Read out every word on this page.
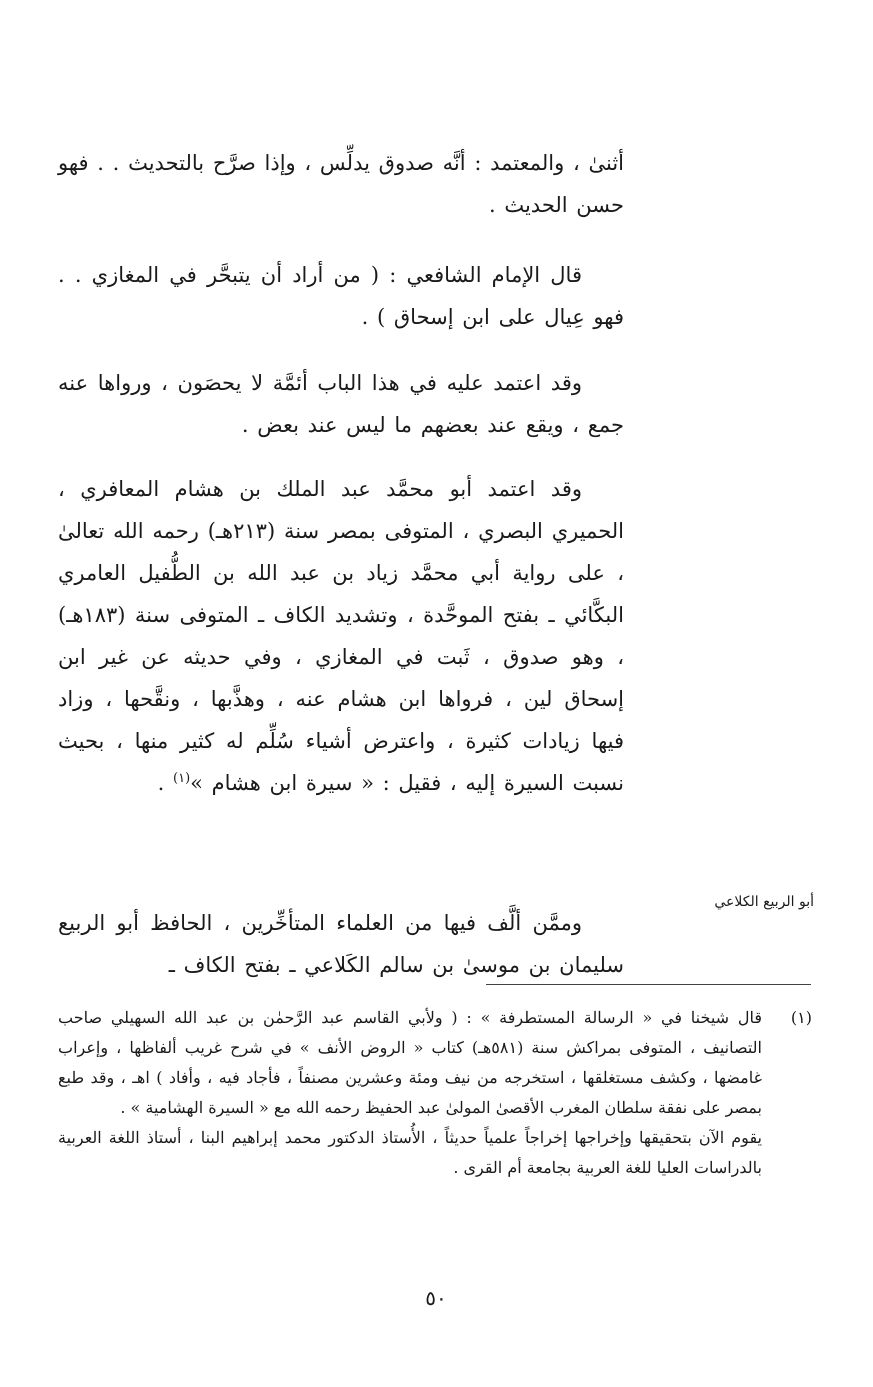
أثنىٰ ، والمعتمد : أنَّه صدوق يدلِّس ، وإذا صرَّح بالتحديث . . فهو حسن الحديث .

قال الإمام الشافعي : ( من أراد أن يتبحَّر في المغازي . . فهو عِيال على ابن إسحاق ) .

وقد اعتمد عليه في هذا الباب أئمَّة لا يحصَون ، ورواها عنه جمع ، ويقع عند بعضهم ما ليس عند بعض .

وقد اعتمد أبو محمَّد عبد الملك بن هشام المعافري ، الحميري البصري ، المتوفى بمصر سنة (٢١٣هـ) رحمه الله تعالىٰ ، على رواية أبي محمَّد زياد بن عبد الله بن الطُّفيل العامري البكَّائي ـ بفتح الموحَّدة ، وتشديد الكاف ـ المتوفى سنة (١٨٣هـ) ، وهو صدوق ، ثَبت في المغازي ، وفي حديثه عن غير ابن إسحاق لين ، فرواها ابن هشام عنه ، وهذَّبها ، ونقَّحها ، وزاد فيها زيادات كثيرة ، واعترض أشياء سُلِّم له كثير منها ، بحيث نسبت السيرة إليه ، فقيل : « سيرة ابن هشام »$^{(١)}$ .

أبو الربيع الكلاعي

وممَّن ألَّف فيها من العلماء المتأخِّرين ، الحافظ أبو الربيع سليمان بن موسىٰ بن سالم الكَلاعي ـ بفتح الكاف ـ

(١)

قال شيخنا في « الرسالة المستطرفة » : ( ولأبي القاسم عبد الرَّحمٰن بن عبد الله السهيلي صاحب التصانيف ، المتوفى بمراكش سنة (٥٨١هـ) كتاب « الروض الأنف » في شرح غريب ألفاظها ، وإعراب غامضها ، وكشف مستغلقها ، استخرجه من نيف ومئة وعشرين مصنفاً ، فأجاد فيه ، وأفاد ) اهـ ، وقد طبع بمصر على نفقة سلطان المغرب الأقصىٰ المولىٰ عبد الحفيظ رحمه الله مع « السيرة الهشامية » .

يقوم الآن بتحقيقها وإخراجها إخراجاً علمياً حديثاً ، الأُستاذ الدكتور محمد إبراهيم البنا ، أستاذ اللغة العربية بالدراسات العليا للغة العربية بجامعة أم القرى .

٥٠
